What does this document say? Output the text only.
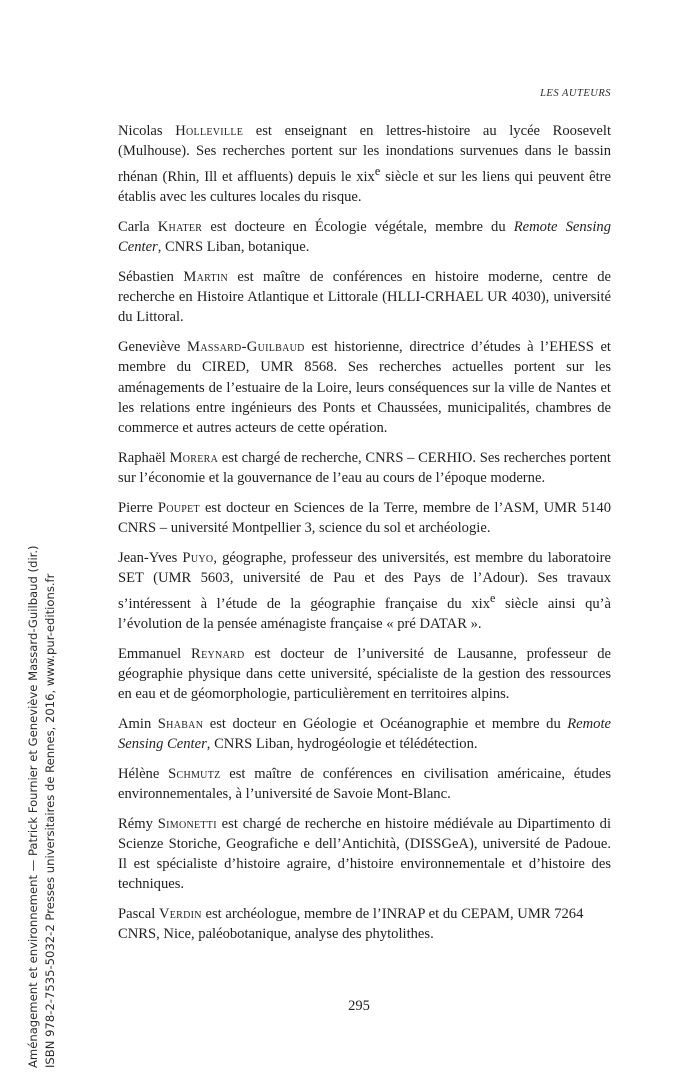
LES AUTEURS

Nicolas Holleville est enseignant en lettres-histoire au lycée Roosevelt (Mulhouse). Ses recherches portent sur les inondations survenues dans le bassin rhénan (Rhin, Ill et affluents) depuis le xix$^e$ siècle et sur les liens qui peuvent être établis avec les cultures locales du risque.

Carla Khater est docteure en Écologie végétale, membre du Remote Sensing Center, CNRS Liban, botanique.

Sébastien Martin est maître de conférences en histoire moderne, centre de recherche en Histoire Atlantique et Littorale (HLLI-CRHAEL UR 4030), université du Littoral.

Geneviève Massard-Guilbaud est historienne, directrice d’études à l’EHESS et membre du CIRED, UMR 8568. Ses recherches actuelles portent sur les aménagements de l’estuaire de la Loire, leurs conséquences sur la ville de Nantes et les relations entre ingénieurs des Ponts et Chaussées, municipalités, chambres de commerce et autres acteurs de cette opération.

Raphaël Morera est chargé de recherche, CNRS – CERHIO. Ses recherches portent sur l’économie et la gouvernance de l’eau au cours de l’époque moderne.

Pierre Poupet est docteur en Sciences de la Terre, membre de l’ASM, UMR 5140 CNRS – université Montpellier 3, science du sol et archéologie.

Jean-Yves Puyo, géographe, professeur des universités, est membre du laboratoire SET (UMR 5603, université de Pau et des Pays de l’Adour). Ses travaux s’intéressent à l’étude de la géographie française du xix$^e$ siècle ainsi qu’à l’évolution de la pensée aménagiste française « pré DATAR ».

Emmanuel Reynard est docteur de l’université de Lausanne, professeur de géographie physique dans cette université, spécialiste de la gestion des ressources en eau et de géomorphologie, particulièrement en territoires alpins.

Amin Shaban est docteur en Géologie et Océanographie et membre du Remote Sensing Center, CNRS Liban, hydrogéologie et télédétection.

Hélène Schmutz est maître de conférences en civilisation américaine, études environnementales, à l’université de Savoie Mont-Blanc.

Rémy Simonetti est chargé de recherche en histoire médiévale au Dipartimento di Scienze Storiche, Geografiche e dell’Antichità, (DISSGeA), université de Padoue. Il est spécialiste d’histoire agraire, d’histoire environnementale et d’histoire des techniques.

Pascal Verdin est archéologue, membre de l’INRAP et du CEPAM, UMR 7264 CNRS, Nice, paléobotanique, analyse des phytolithes.

295
Aménagement et environnement — Patrick Fournier et Geneviève Massard-Guilbaud (dir.) ISBN 978-2-7535-5032-2 Presses universitaires de Rennes, 2016, www.pur-editions.fr
